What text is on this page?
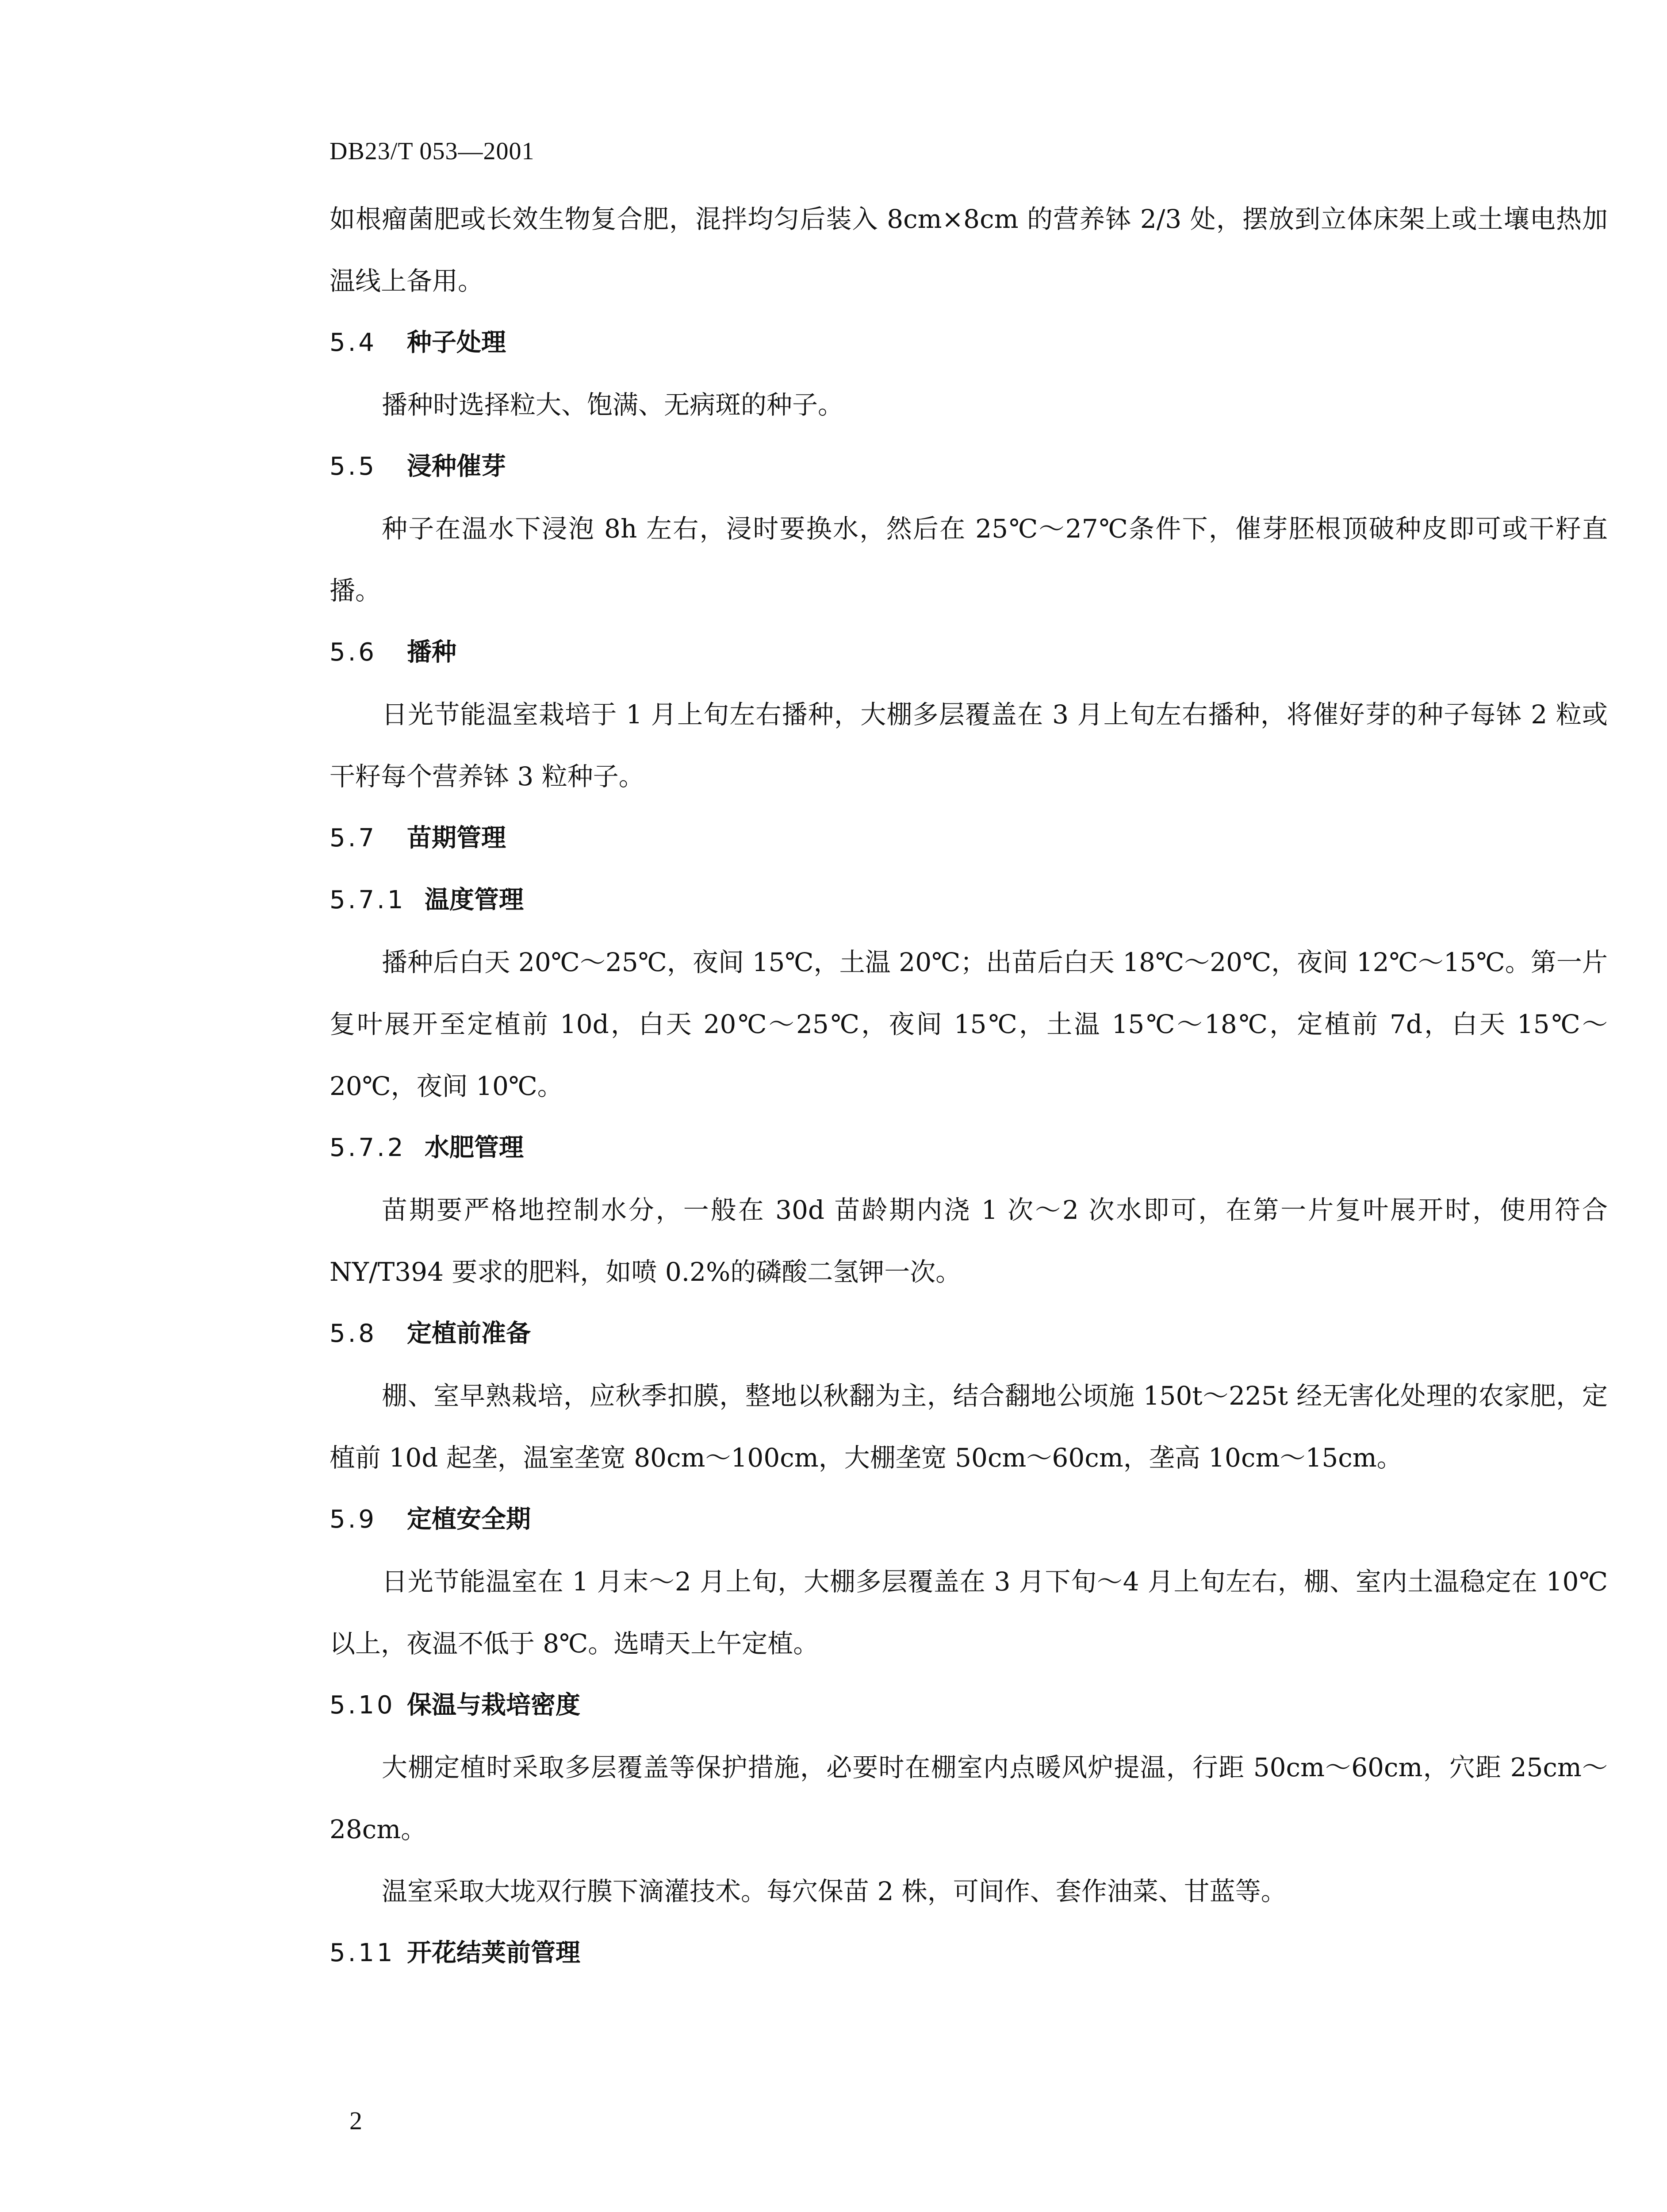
DB23/T 053—2001

如根瘤菌肥或长效生物复合肥，混拌均匀后装入 8cm×8cm 的营养钵 2/3 处，摆放到立体床架上或土壤电热加温线上备用。

5.4 种子处理

播种时选择粒大、饱满、无病斑的种子。

5.5 浸种催芽

种子在温水下浸泡 8h 左右，浸时要换水，然后在 25℃～27℃条件下，催芽胚根顶破种皮即可或干籽直播。

5.6 播种

日光节能温室栽培于 1 月上旬左右播种，大棚多层覆盖在 3 月上旬左右播种，将催好芽的种子每钵 2 粒或干籽每个营养钵 3 粒种子。

5.7 苗期管理
5.7.1 温度管理

播种后白天 20℃～25℃，夜间 15℃，土温 20℃；出苗后白天 18℃～20℃，夜间 12℃～15℃。第一片复叶展开至定植前 10d，白天 20℃～25℃，夜间 15℃，土温 15℃～18℃，定植前 7d，白天 15℃～20℃，夜间 10℃。

5.7.2 水肥管理

苗期要严格地控制水分，一般在 30d 苗龄期内浇 1 次～2 次水即可，在第一片复叶展开时，使用符合 NY/T394 要求的肥料，如喷 0.2%的磷酸二氢钾一次。

5.8 定植前准备

棚、室早熟栽培，应秋季扣膜，整地以秋翻为主，结合翻地公顷施 150t～225t 经无害化处理的农家肥，定植前 10d 起垄，温室垄宽 80cm～100cm，大棚垄宽 50cm～60cm，垄高 10cm～15cm。

5.9 定植安全期

日光节能温室在 1 月末～2 月上旬，大棚多层覆盖在 3 月下旬～4 月上旬左右，棚、室内土温稳定在 10℃以上，夜温不低于 8℃。选晴天上午定植。

5.10 保温与栽培密度

大棚定植时采取多层覆盖等保护措施，必要时在棚室内点暖风炉提温，行距 50cm～60cm，穴距 25cm～28cm。

温室采取大垅双行膜下滴灌技术。每穴保苗 2 株，可间作、套作油菜、甘蓝等。

5.11 开花结荚前管理
2
